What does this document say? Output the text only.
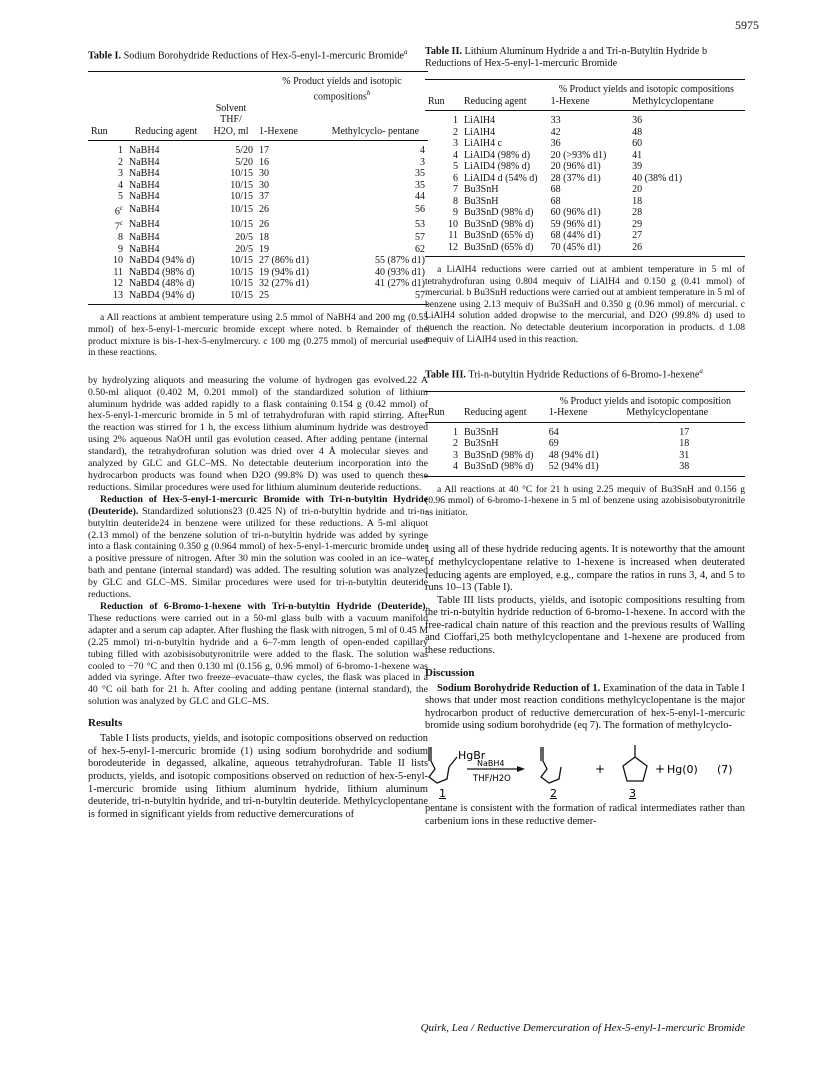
5975
Table I. Sodium Borohydride Reductions of Hex-5-enyl-1-mercuric Bromide$^a$
			% Product yields and isotopic compositions$^b$
Run	Reducing agent	Solvent THF/ H2O, ml	1-Hexene	Methylcyclo- pentane
1	NaBH4	5/20	17	4
2	NaBH4	5/20	16	3
3	NaBH4	10/15	30	35
4	NaBH4	10/15	30	35
5	NaBH4	10/15	37	44
6$^c$	NaBH4	10/15	26	56
7$^c$	NaBH4	10/15	26	53
8	NaBH4	20/5	18	57
9	NaBH4	20/5	19	62
10	NaBD4 (94% d)	10/15	27 (86% d1)	55 (87% d1)
11	NaBD4 (98% d)	10/15	19 (94% d1)	40 (93% d1)
12	NaBD4 (48% d)	10/15	32 (27% d1)	41 (27% d1)
13	NaBD4 (94% d)	10/15	25	57
a All reactions at ambient temperature using 2.5 mmol of NaBH4 and 200 mg (0.55 mmol) of hex-5-enyl-1-mercuric bromide except where noted. b Remainder of the product mixture is bis-1-hex-5-enylmercury. c 100 mg (0.275 mmol) of mercurial used in these reactions.

by hydrolyzing aliquots and measuring the volume of hydrogen gas evolved.22 A 0.50-ml aliquot (0.402 M, 0.201 mmol) of the standardized solution of lithium aluminum hydride was added rapidly to a flask containing 0.154 g (0.42 mmol) of hex-5-enyl-1-mercuric bromide in 5 ml of tetrahydrofuran with rapid stirring. After the reaction was stirred for 1 h, the excess lithium aluminum hydride was destroyed using 2% aqueous NaOH until gas evolution ceased. After adding pentane (internal standard), the tetrahydrofuran solution was dried over 4 Å molecular sieves and analyzed by GLC and GLC–MS. No detectable deuterium incorporation into the hydrocarbon products was found when D2O (99.8% D) was used to quench these reductions. Similar procedures were used for lithium aluminum deuteride reductions.

Reduction of Hex-5-enyl-1-mercuric Bromide with Tri-n-butyltin Hydride (Deuteride). Standardized solutions23 (0.425 N) of tri-n-butyltin hydride and tri-n-butyltin deuteride24 in benzene were utilized for these reductions. A 5-ml aliquot (2.13 mmol) of the benzene solution of tri-n-butyltin hydride was added by syringe into a flask containing 0.350 g (0.964 mmol) of hex-5-enyl-1-mercuric bromide under a positive pressure of nitrogen. After 30 min the solution was cooled in an ice–water bath and pentane (internal standard) was added. The resulting solution was analyzed by GLC and GLC–MS. Similar procedures were used for tri-n-butyltin deuteride reductions.

Reduction of 6-Bromo-1-hexene with Tri-n-butyltin Hydride (Deuteride). These reductions were carried out in a 50-ml glass bulb with a vacuum manifold adapter and a serum cap adapter. After flushing the flask with nitrogen, 5 ml of 0.45 M (2.25 mmol) tri-n-butyltin hydride and a 6–7-mm length of open-ended capillary tubing filled with azobisisobutyronitrile were added to the flask. The solution was cooled to −70 °C and then 0.130 ml (0.156 g, 0.96 mmol) of 6-bromo-1-hexene was added via syringe. After two freeze–evacuate–thaw cycles, the flask was placed in a 40 °C oil bath for 21 h. After cooling and adding pentane (internal standard), the solution was analyzed by GLC and GLC–MS.

Results

Table I lists products, yields, and isotopic compositions observed on reduction of hex-5-enyl-1-mercuric bromide (1) using sodium borohydride and sodium borodeuteride in degassed, alkaline, aqueous tetrahydrofuran. Table II lists products, yields, and isotopic compositions observed on reduction of hex-5-enyl-1-mercuric bromide using lithium aluminum hydride, lithium aluminum deuteride, tri-n-butyltin hydride, and tri-n-butyltin deuteride. Methylcyclopentane is formed in significant yields from reductive demercurations of

Table II. Lithium Aluminum Hydride a and Tri-n-Butyltin Hydride b Reductions of Hex-5-enyl-1-mercuric Bromide
		% Product yields and isotopic compositions	
Run	Reducing agent	1-Hexene	Methylcyclopentane
1	LiAlH4	33	36
2	LiAlH4	42	48
3	LiAlH4 c	36	60
4	LiAlD4 (98% d)	20 (>93% d1)	41
5	LiAlD4 (98% d)	20 (96% d1)	39
6	LiAlD4 d (54% d)	28 (37% d1)	40 (38% d1)
7	Bu3SnH	68	20
8	Bu3SnH	68	18
9	Bu3SnD (98% d)	60 (96% d1)	28
10	Bu3SnD (98% d)	59 (96% d1)	29
11	Bu3SnD (65% d)	68 (44% d1)	27
12	Bu3SnD (65% d)	70 (45% d1)	26
a LiAlH4 reductions were carried out at ambient temperature in 5 ml of tetrahydrofuran using 0.804 mequiv of LiAlH4 and 0.150 g (0.41 mmol) of mercurial. b Bu3SnH reductions were carried out at ambient temperature in 5 ml of benzene using 2.13 mequiv of Bu3SnH and 0.350 g (0.96 mmol) of mercurial. c LiAlH4 solution added dropwise to the mercurial, and D2O (99.8% d) used to quench the reaction. No detectable deuterium incorporation in products. d 1.08 mequiv of LiAlH4 used in this reaction.
Table III. Tri-n-butyltin Hydride Reductions of 6-Bromo-1-hexene$^a$
		% Product yields and isotopic composition	
Run	Reducing agent	1-Hexene	Methylcyclopentane
1	Bu3SnH	64	17
2	Bu3SnH	69	18
3	Bu3SnD (98% d)	48 (94% d1)	31
4	Bu3SnD (98% d)	52 (94% d1)	38
a All reactions at 40 °C for 21 h using 2.25 mequiv of Bu3SnH and 0.156 g (0.96 mmol) of 6-bromo-1-hexene in 5 ml of benzene using azobisisobutyronitrile as initiator.

1 using all of these hydride reducing agents. It is noteworthy that the amount of methylcyclopentane relative to 1-hexene is increased when deuterated reducing agents are employed, e.g., compare the ratios in runs 3, 4, and 5 to runs 10–13 (Table I).

Table III lists products, yields, and isotopic compositions resulting from the tri-n-butyltin hydride reduction of 6-bromo-1-hexene. In accord with the free-radical chain nature of this reaction and the previous results of Walling and Cioffari,25 both methylcyclopentane and 1-hexene are produced from these reductions.

Discussion

Sodium Borohydride Reduction of 1. Examination of the data in Table I shows that under most reaction conditions methylcyclopentane is the major hydrocarbon product of reductive demercuration of hex-5-enyl-1-mercuric bromide using sodium borohydride (eq 7). The formation of methylcyclo-

HgBr
NaBH4
THF/H2O
1	2
+
3
+ Hg(0) (7)

pentane is consistent with the formation of radical intermediates rather than carbenium ions in these reductive demer-

Quirk, Lea / Reductive Demercuration of Hex-5-enyl-1-mercuric Bromide
